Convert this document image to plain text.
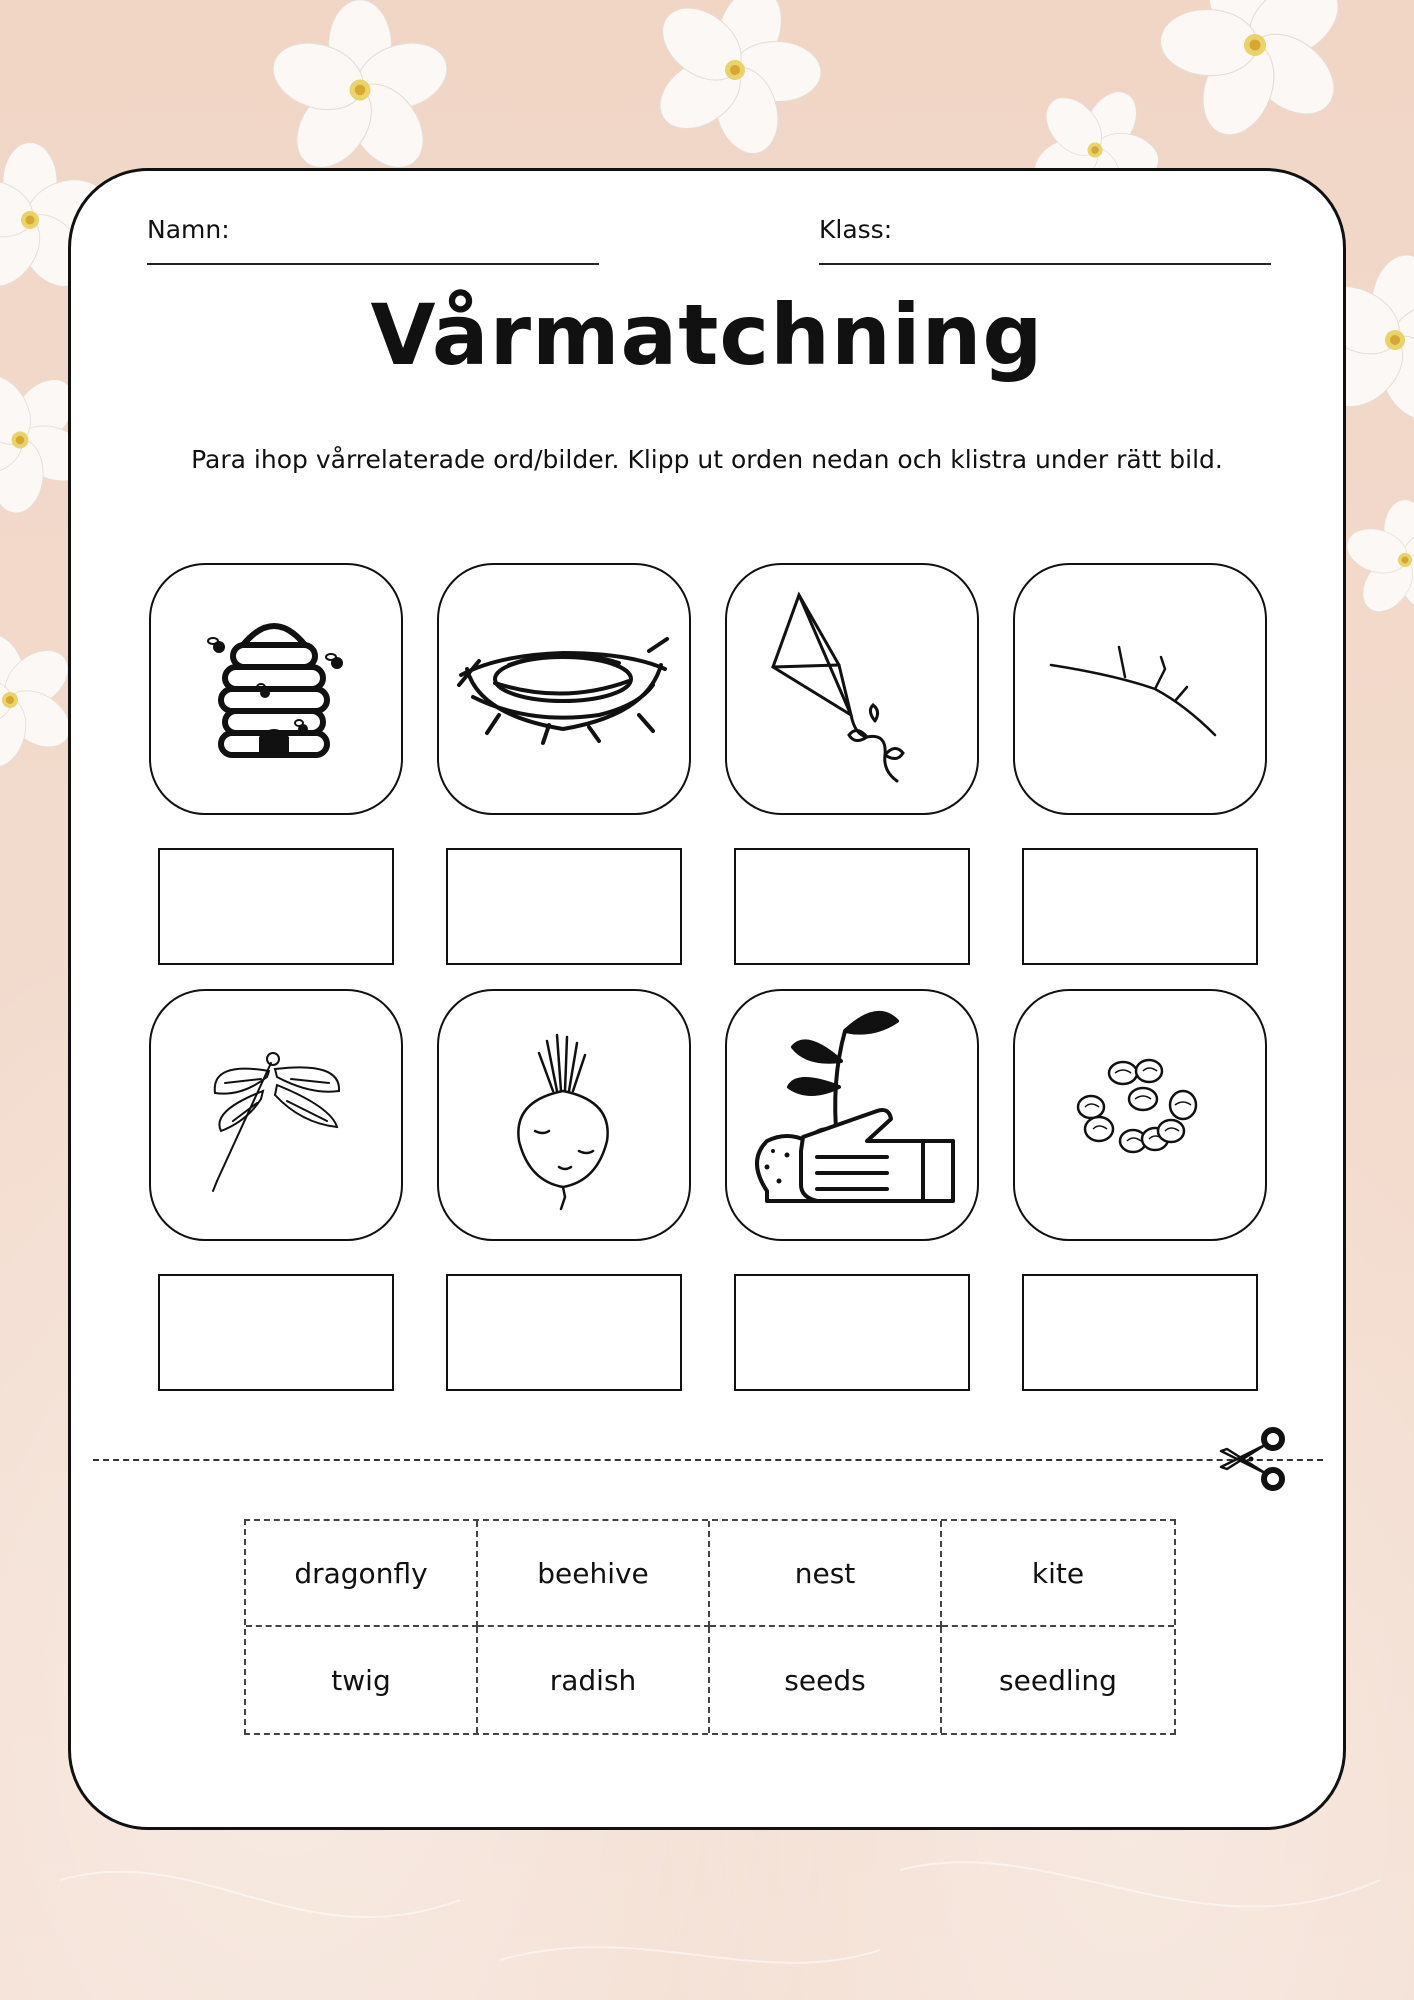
Namn:	Klass:
Vårmatchning
Para ihop vårrelaterade ord/bilder. Klipp ut orden nedan och klistra under rätt bild.
dragonfly	beehive	nest	kite
twig	radish	seeds	seedling
